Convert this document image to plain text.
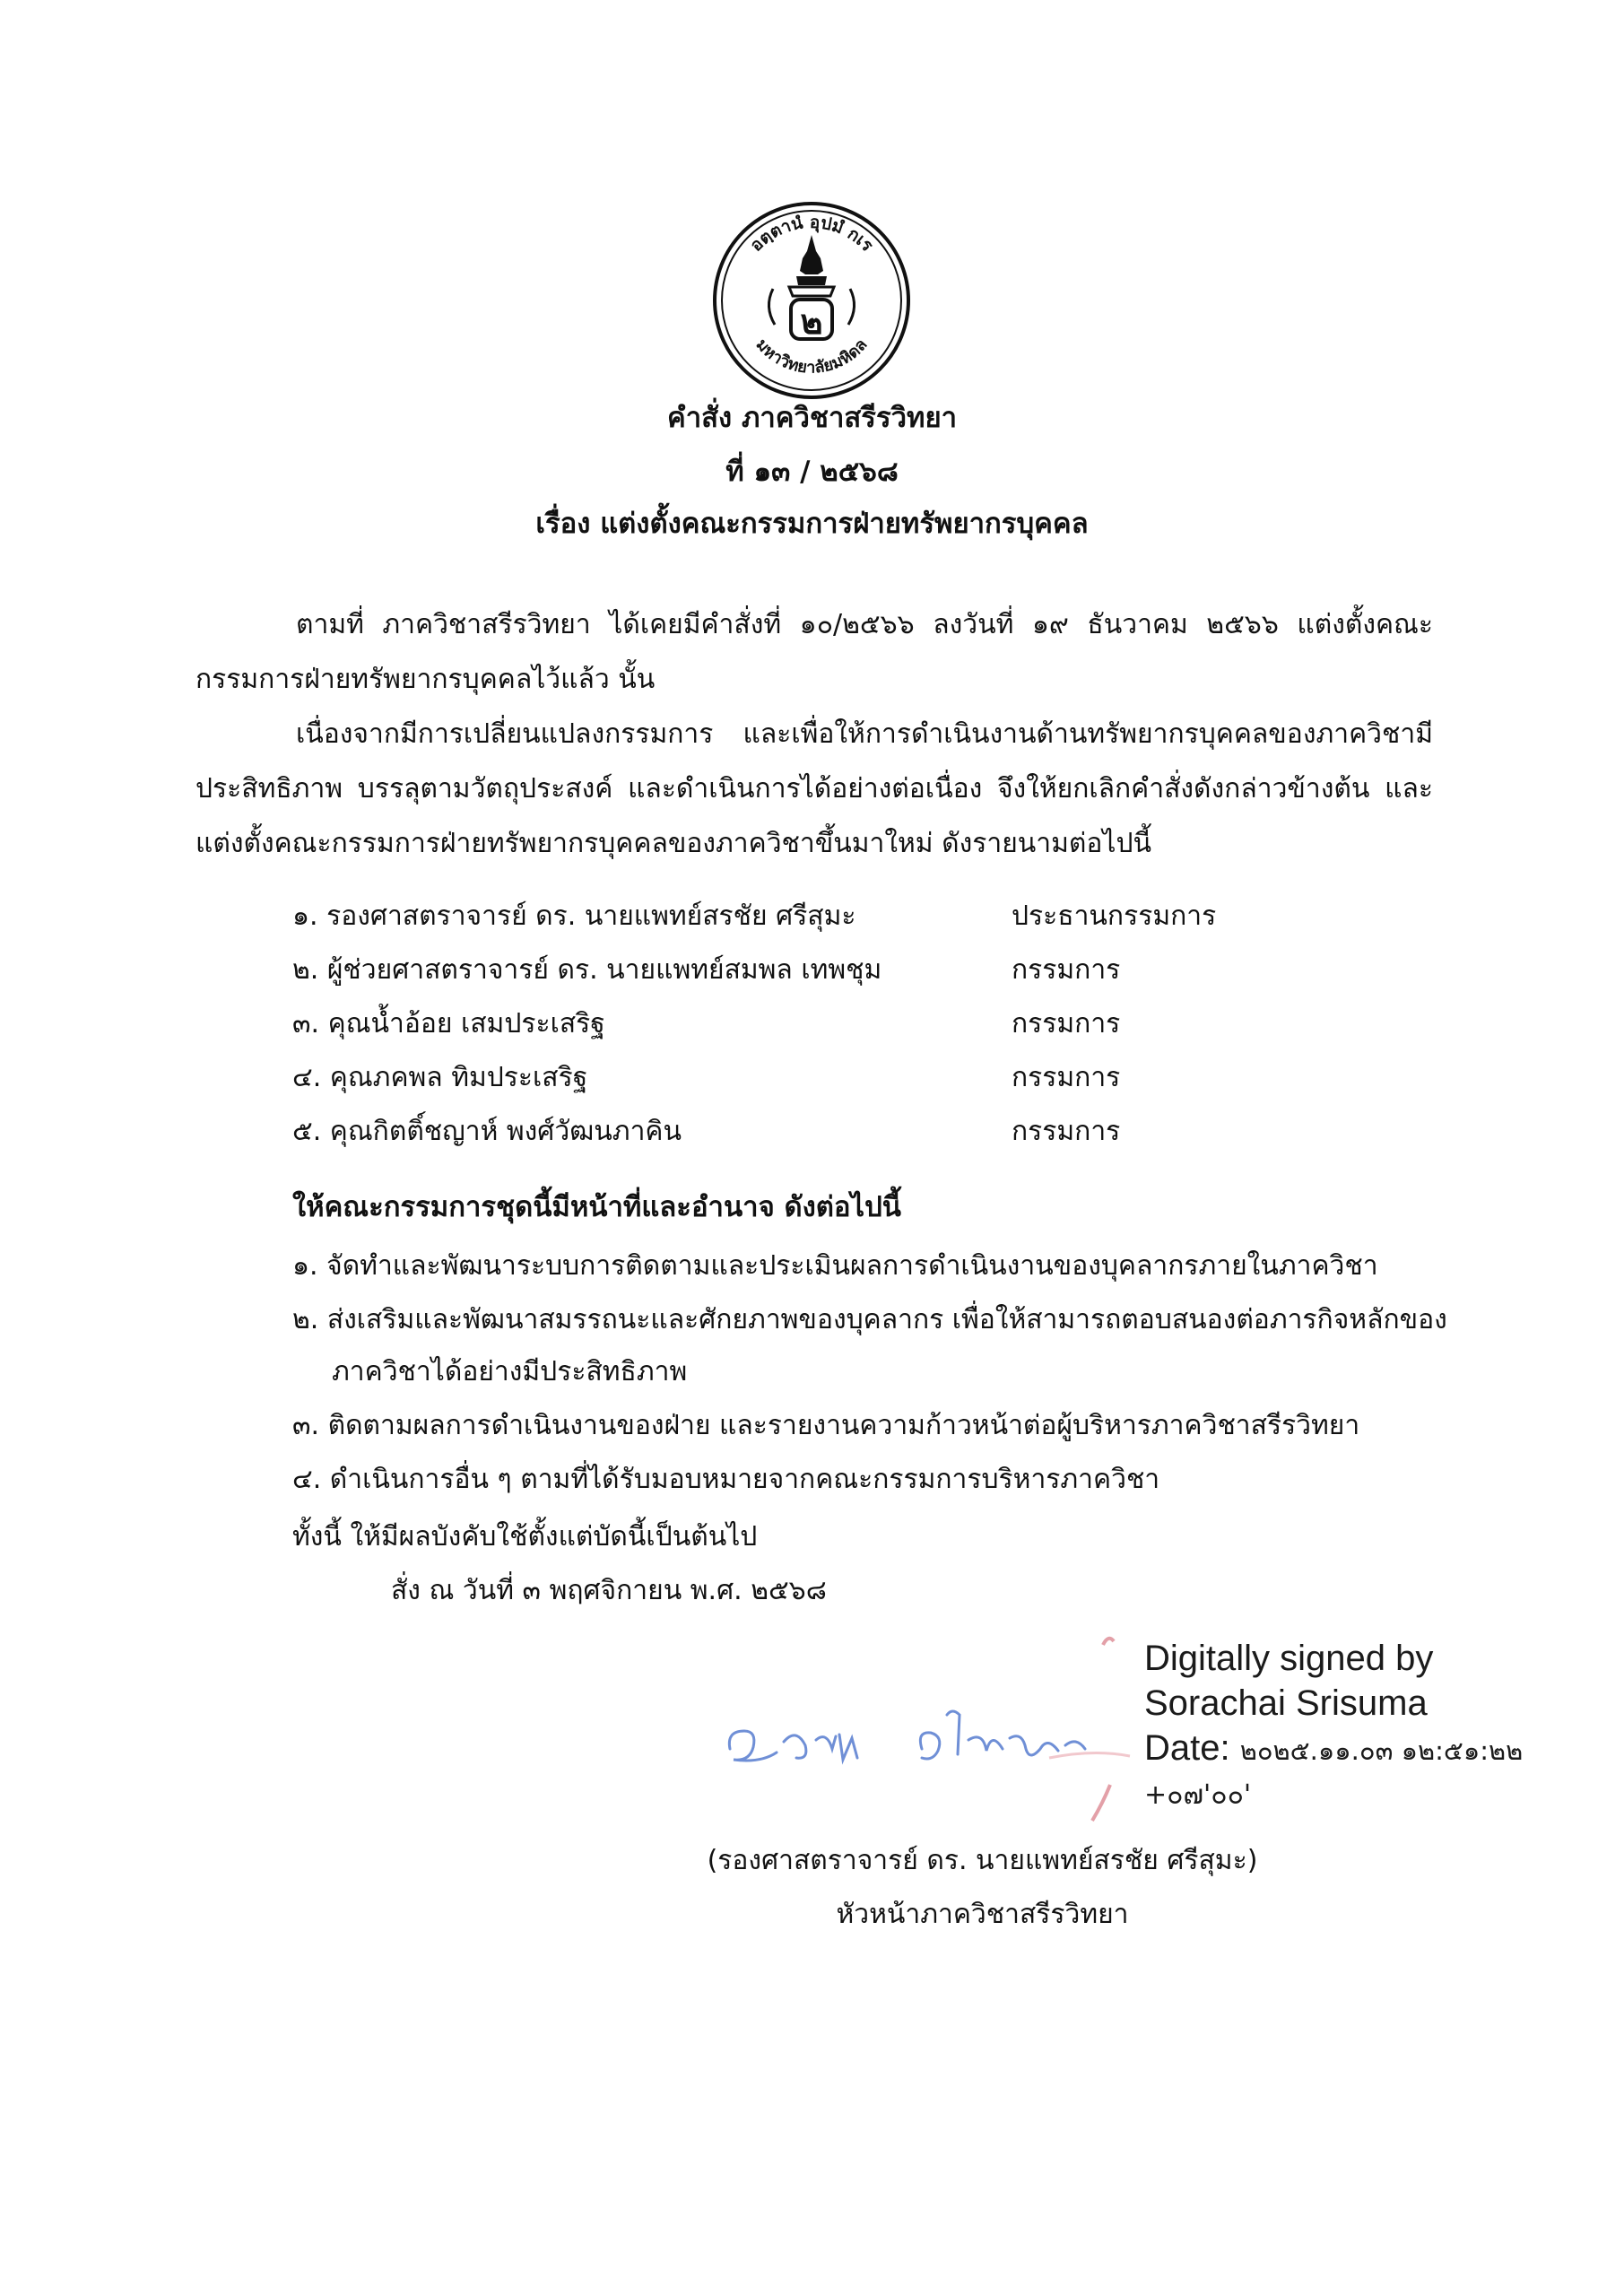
อตฺตานํ อุปมํ กเร
มหาวิทยาลัยมหิดล
๒
คำสั่ง ภาควิชาสรีรวิทยา
ที่ ๑๓ / ๒๕๖๘
เรื่อง แต่งตั้งคณะกรรมการฝ่ายทรัพยากรบุคคล
ตามที่ ภาควิชาสรีรวิทยา ได้เคยมีคำสั่งที่ ๑๐/๒๕๖๖ ลงวันที่ ๑๙ ธันวาคม ๒๕๖๖ แต่งตั้งคณะกรรมการฝ่ายทรัพยากรบุคคลไว้แล้ว นั้น
เนื่องจากมีการเปลี่ยนแปลงกรรมการ และเพื่อให้การดำเนินงานด้านทรัพยากรบุคคลของภาควิชามีประสิทธิภาพ บรรลุตามวัตถุประสงค์ และดำเนินการได้อย่างต่อเนื่อง จึงให้ยกเลิกคำสั่งดังกล่าวข้างต้น และแต่งตั้งคณะกรรมการฝ่ายทรัพยากรบุคคลของภาควิชาขึ้นมาใหม่ ดังรายนามต่อไปนี้
๑. รองศาสตราจารย์ ดร. นายแพทย์สรชัย ศรีสุมะ	ประธานกรรมการ
๒. ผู้ช่วยศาสตราจารย์ ดร. นายแพทย์สมพล เทพชุม	กรรมการ
๓. คุณน้ำอ้อย เสมประเสริฐ	กรรมการ
๔. คุณภคพล ทิมประเสริฐ	กรรมการ
๕. คุณกิตติ์ชญาห์ พงศ์วัฒนภาคิน	กรรมการ
ให้คณะกรรมการชุดนี้มีหน้าที่และอำนาจ ดังต่อไปนี้
๑. จัดทำและพัฒนาระบบการติดตามและประเมินผลการดำเนินงานของบุคลากรภายในภาควิชา
๒. ส่งเสริมและพัฒนาสมรรถนะและศักยภาพของบุคลากร เพื่อให้สามารถตอบสนองต่อภารกิจหลักของ
ภาควิชาได้อย่างมีประสิทธิภาพ
๓. ติดตามผลการดำเนินงานของฝ่าย และรายงานความก้าวหน้าต่อผู้บริหารภาควิชาสรีรวิทยา
๔. ดำเนินการอื่น ๆ ตามที่ได้รับมอบหมายจากคณะกรรมการบริหารภาควิชา
ทั้งนี้ ให้มีผลบังคับใช้ตั้งแต่บัดนี้เป็นต้นไป
สั่ง ณ วันที่ ๓ พฤศจิกายน พ.ศ. ๒๕๖๘
Digitally signed by
Sorachai Srisuma
Date: ๒๐๒๕.๑๑.๐๓ ๑๒:๕๑:๒๒
+๐๗'๐๐'
(รองศาสตราจารย์ ดร. นายแพทย์สรชัย ศรีสุมะ)
หัวหน้าภาควิชาสรีรวิทยา
